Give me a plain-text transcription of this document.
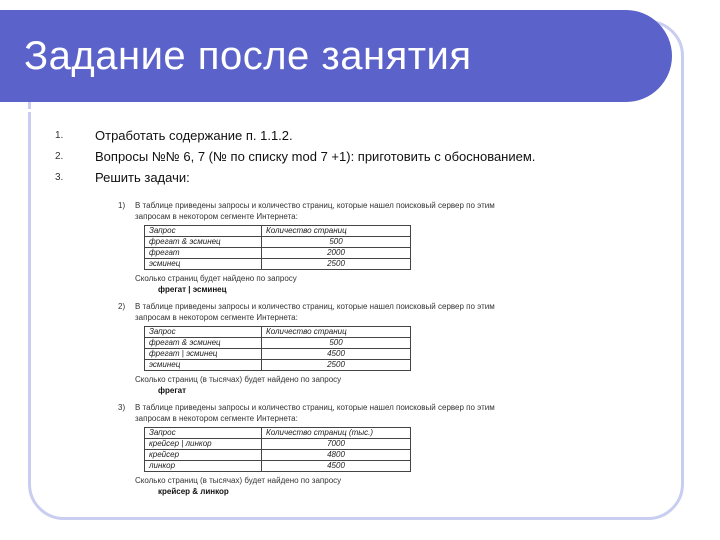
Задание после занятия
1.	Отработать содержание п. 1.1.2.
2.	Вопросы №№ 6, 7 (№ по списку mod 7 +1): приготовить с обоснованием.
3.	Решить задачи:
1) В таблице приведены запросы и количество страниц, которые нашел поисковый сервер по этим
запросам в некотором сегменте Интернета:
Запрос	Количество страниц
фрегат & эсминец	500
фрегат	2000
эсминец	2500
Сколько страниц будет найдено по запросу
фрегат | эсминец
2) В таблице приведены запросы и количество страниц, которые нашел поисковый сервер по этим
запросам в некотором сегменте Интернета:
Запрос	Количество страниц
фрегат & эсминец	500
фрегат | эсминец	4500
эсминец	2500
Сколько страниц (в тысячах) будет найдено по запросу
фрегат
3) В таблице приведены запросы и количество страниц, которые нашел поисковый сервер по этим
запросам в некотором сегменте Интернета:
Запрос	Количество страниц (тыс.)
крейсер | линкор	7000
крейсер	4800
линкор	4500
Сколько страниц (в тысячах) будет найдено по запросу
крейсер & линкор
